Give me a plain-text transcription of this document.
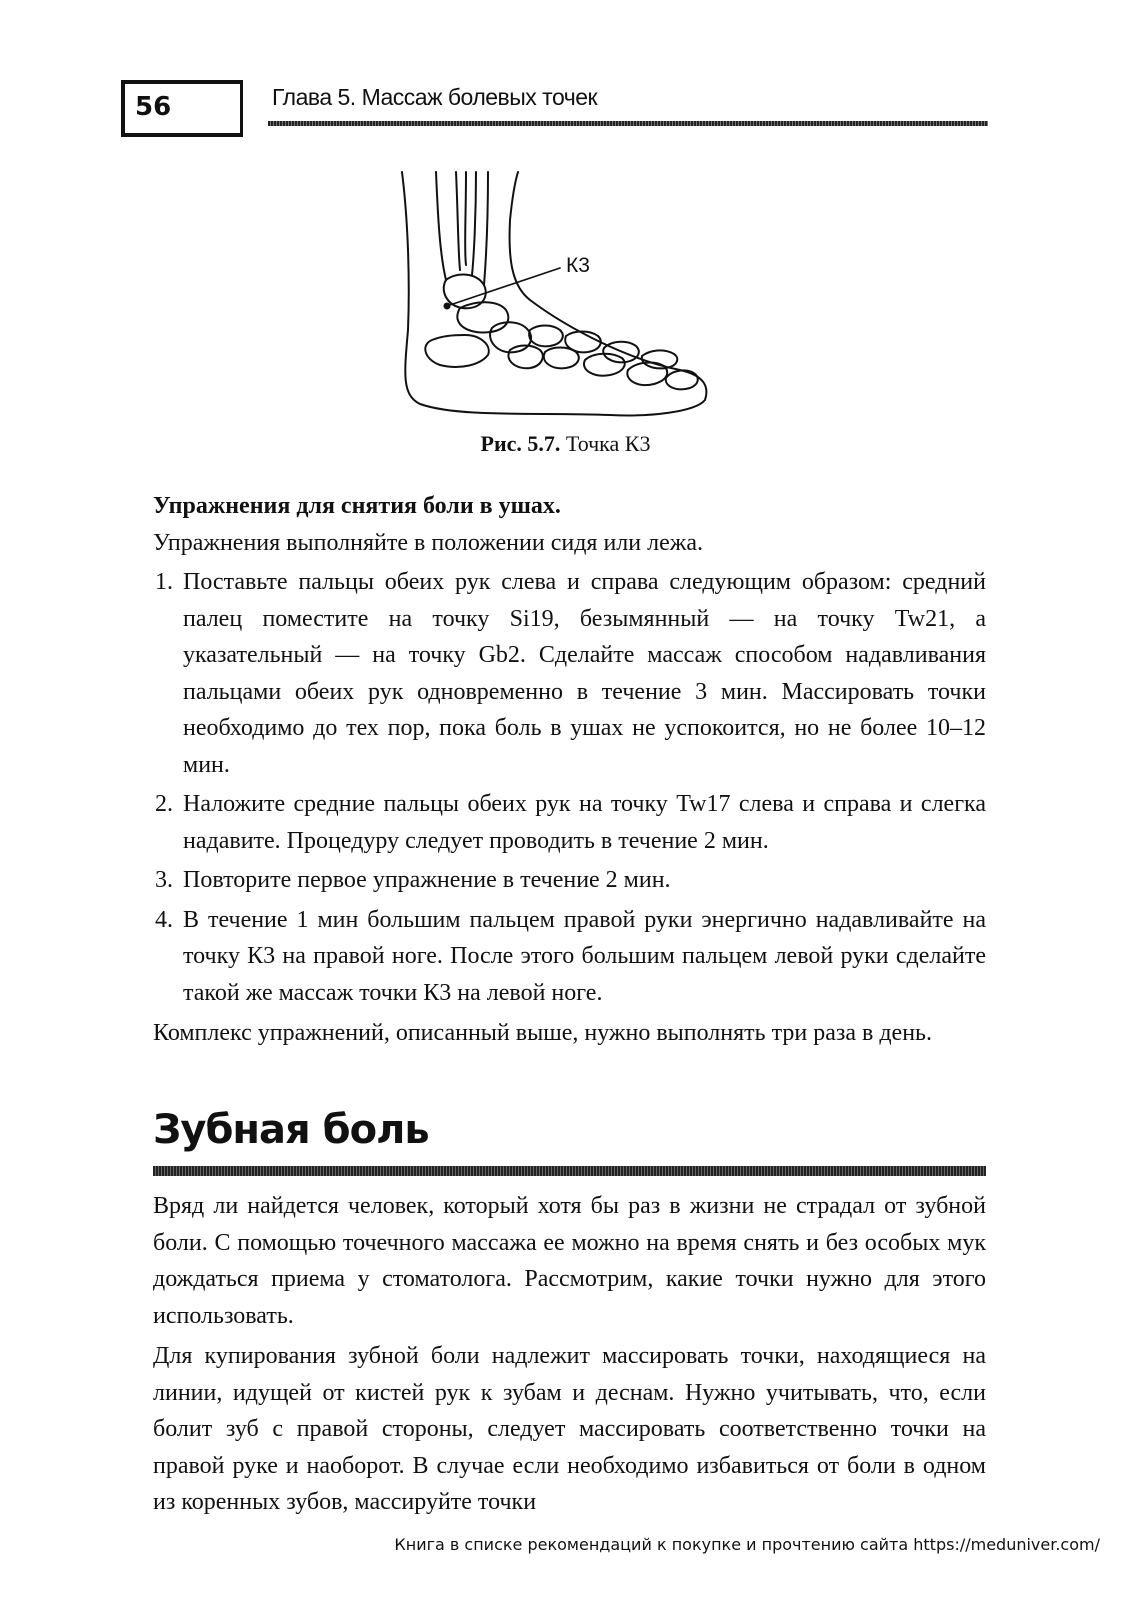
56	Глава 5. Массаж болевых точек
К3
Рис. 5.7. Точка К3

Упражнения для снятия боли в ушах.

Упражнения выполняйте в положении сидя или лежа.

1. Поставьте пальцы обеих рук слева и справа следующим образом: средний палец поместите на точку Si19, безымянный — на точку Tw21, а указательный — на точку Gb2. Сделайте массаж способом надавливания пальцами обеих рук одновременно в течение 3 мин. Массировать точки необходимо до тех пор, пока боль в ушах не успокоится, но не более 10–12 мин.
2. Наложите средние пальцы обеих рук на точку Tw17 слева и справа и слегка надавите. Процедуру следует проводить в течение 2 мин.
3. Повторите первое упражнение в течение 2 мин.
4. В течение 1 мин большим пальцем правой руки энергично надавливайте на точку К3 на правой ноге. После этого большим пальцем левой руки сделайте такой же массаж точки К3 на левой ноге.

Комплекс упражнений, описанный выше, нужно выполнять три раза в день.

Зубная боль

Вряд ли найдется человек, который хотя бы раз в жизни не страдал от зубной боли. С помощью точечного массажа ее можно на время снять и без особых мук дождаться приема у стоматолога. Рассмотрим, какие точки нужно для этого использовать.

Для купирования зубной боли надлежит массировать точки, находящиеся на линии, идущей от кистей рук к зубам и деснам. Нужно учитывать, что, если болит зуб с правой стороны, следует массировать соответственно точки на правой руке и наоборот. В случае если необходимо избавиться от боли в одном из коренных зубов, массируйте точки

Книга в списке рекомендаций к покупке и прочтению сайта https://meduniver.com/
